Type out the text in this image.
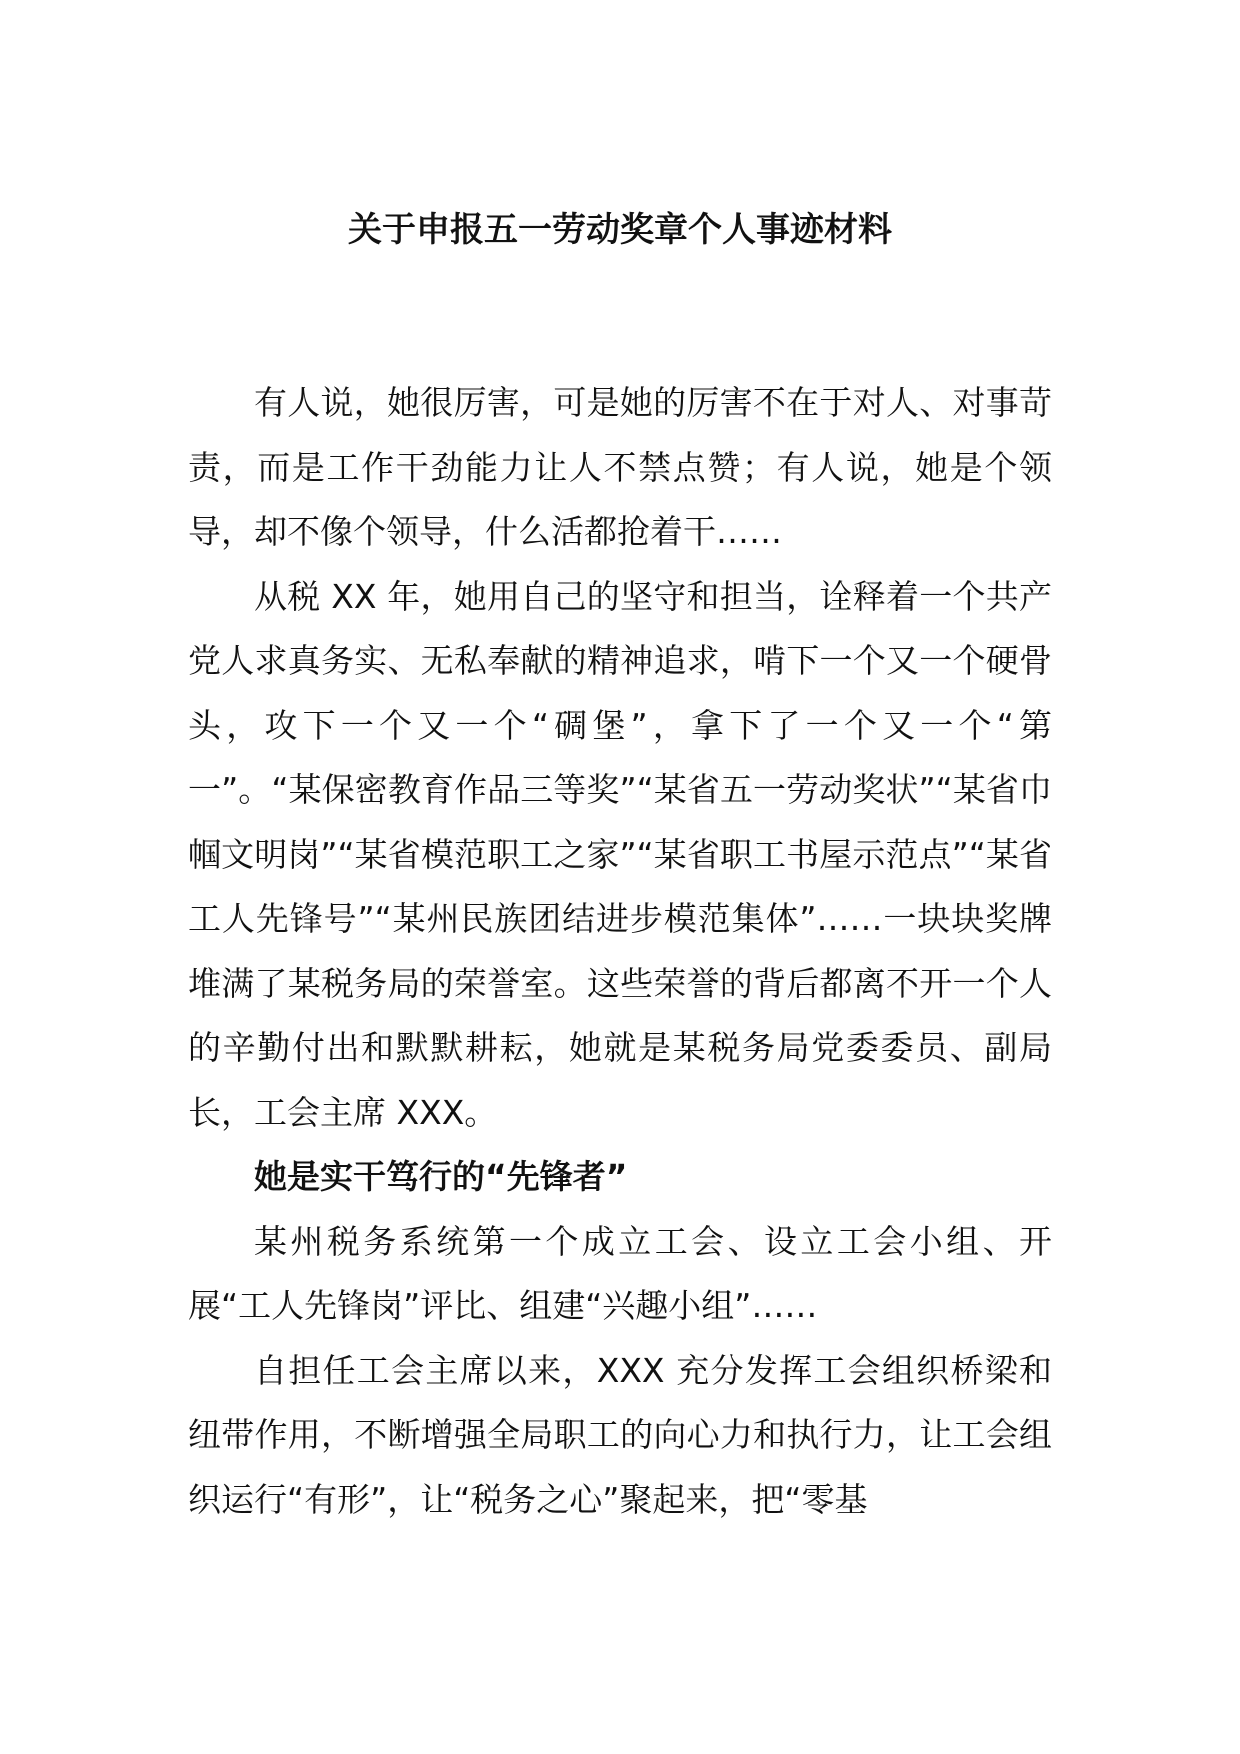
关于申报五一劳动奖章个人事迹材料

有人说，她很厉害，可是她的厉害不在于对人、对事苛责，而是工作干劲能力让人不禁点赞；有人说，她是个领导，却不像个领导，什么活都抢着干……

从税 XX 年，她用自己的坚守和担当，诠释着一个共产党人求真务实、无私奉献的精神追求，啃下一个又一个硬骨头，攻下一个又一个“碉堡”，拿下了一个又一个“第一”。“某保密教育作品三等奖”“某省五一劳动奖状”“某省巾帼文明岗”“某省模范职工之家”“某省职工书屋示范点”“某省工人先锋号”“某州民族团结进步模范集体”……一块块奖牌堆满了某税务局的荣誉室。这些荣誉的背后都离不开一个人的辛勤付出和默默耕耘，她就是某税务局党委委员、副局长，工会主席 XXX。

她是实干笃行的“先锋者”

某州税务系统第一个成立工会、设立工会小组、开展“工人先锋岗”评比、组建“兴趣小组”……

自担任工会主席以来，XXX 充分发挥工会组织桥梁和纽带作用，不断增强全局职工的向心力和执行力，让工会组织运行“有形”，让“税务之心”聚起来，把“零基
